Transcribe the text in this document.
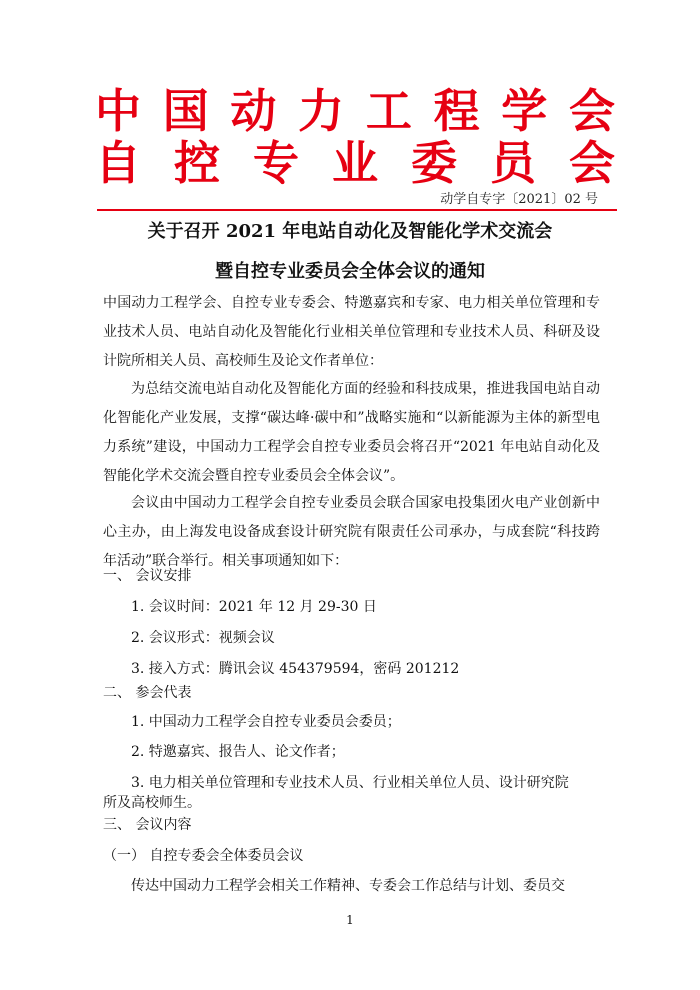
中国动力工程学会
自控专业委员会
动学自专字〔2021〕02 号
关于召开 2021 年电站自动化及智能化学术交流会
暨自控专业委员会全体会议的通知
中国动力工程学会、自控专业专委会、特邀嘉宾和专家、电力相关单位管理和专业技术人员、电站自动化及智能化行业相关单位管理和专业技术人员、科研及设计院所相关人员、高校师生及论文作者单位：
为总结交流电站自动化及智能化方面的经验和科技成果，推进我国电站自动化智能化产业发展，支撑“碳达峰·碳中和”战略实施和“以新能源为主体的新型电力系统”建设，中国动力工程学会自控专业委员会将召开“2021 年电站自动化及智能化学术交流会暨自控专业委员会全体会议”。
会议由中国动力工程学会自控专业委员会联合国家电投集团火电产业创新中心主办，由上海发电设备成套设计研究院有限责任公司承办，与成套院“科技跨年活动”联合举行。相关事项通知如下：
一、 会议安排
1. 会议时间：2021 年 12 月 29-30 日
2. 会议形式：视频会议
3. 接入方式：腾讯会议 454379594，密码 201212
二、 参会代表
1. 中国动力工程学会自控专业委员会委员；
2. 特邀嘉宾、报告人、论文作者；
3. 电力相关单位管理和专业技术人员、行业相关单位人员、设计研究院
所及高校师生。
三、 会议内容
（一） 自控专委会全体委员会议
传达中国动力工程学会相关工作精神、专委会工作总结与计划、委员交
1
